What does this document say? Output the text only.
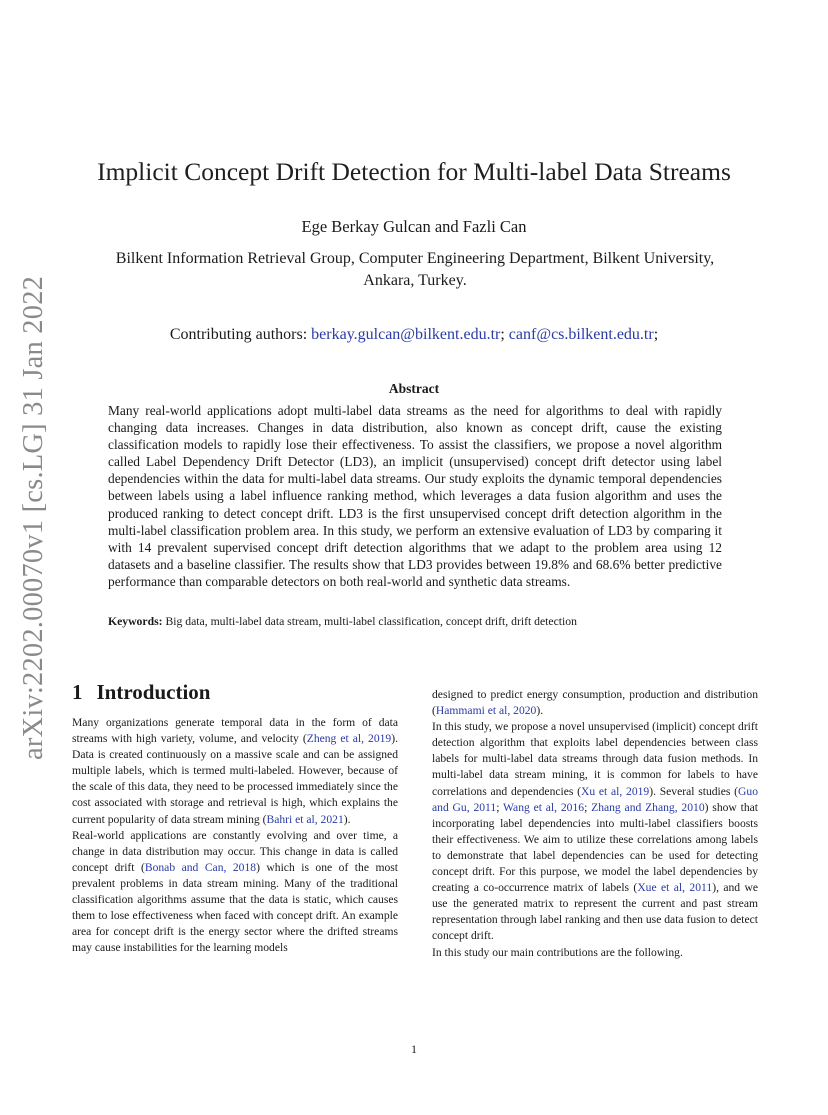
arXiv:2202.00070v1 [cs.LG] 31 Jan 2022
Implicit Concept Drift Detection for Multi-label Data Streams
Ege Berkay Gulcan and Fazli Can
Bilkent Information Retrieval Group, Computer Engineering Department, Bilkent University, Ankara, Turkey.
Contributing authors: berkay.gulcan@bilkent.edu.tr; canf@cs.bilkent.edu.tr;
Abstract

Many real-world applications adopt multi-label data streams as the need for algorithms to deal with rapidly changing data increases. Changes in data distribution, also known as concept drift, cause the existing classification models to rapidly lose their effectiveness. To assist the classifiers, we propose a novel algorithm called Label Dependency Drift Detector (LD3), an implicit (unsupervised) concept drift detector using label dependencies within the data for multi-label data streams. Our study exploits the dynamic temporal dependencies between labels using a label influence ranking method, which leverages a data fusion algorithm and uses the produced ranking to detect concept drift. LD3 is the first unsupervised concept drift detection algorithm in the multi-label classification problem area. In this study, we perform an extensive evaluation of LD3 by comparing it with 14 prevalent supervised concept drift detection algorithms that we adapt to the problem area using 12 datasets and a baseline classifier. The results show that LD3 provides between 19.8% and 68.6% better predictive performance than comparable detectors on both real-world and synthetic data streams.

Keywords: Big data, multi-label data stream, multi-label classification, concept drift, drift detection
1 Introduction

Many organizations generate temporal data in the form of data streams with high variety, volume, and velocity (Zheng et al, 2019). Data is created continuously on a massive scale and can be assigned multiple labels, which is termed multi-labeled. However, because of the scale of this data, they need to be processed immediately since the cost associated with storage and retrieval is high, which explains the current popularity of data stream mining (Bahri et al, 2021).

Real-world applications are constantly evolving and over time, a change in data distribution may occur. This change in data is called concept drift (Bonab and Can, 2018) which is one of the most prevalent problems in data stream mining. Many of the traditional classification algorithms assume that the data is static, which causes them to lose effectiveness when faced with concept drift. An example area for concept drift is the energy sector where the drifted streams may cause instabilities for the learning models

designed to predict energy consumption, production and distribution (Hammami et al, 2020).

In this study, we propose a novel unsupervised (implicit) concept drift detection algorithm that exploits label dependencies between class labels for multi-label data streams through data fusion methods. In multi-label data stream mining, it is common for labels to have correlations and dependencies (Xu et al, 2019). Several studies (Guo and Gu, 2011; Wang et al, 2016; Zhang and Zhang, 2010) show that incorporating label dependencies into multi-label classifiers boosts their effectiveness. We aim to utilize these correlations among labels to demonstrate that label dependencies can be used for detecting concept drift. For this purpose, we model the label dependencies by creating a co-occurrence matrix of labels (Xue et al, 2011), and we use the generated matrix to represent the current and past stream representation through label ranking and then use data fusion to detect concept drift.

In this study our main contributions are the following.

1
